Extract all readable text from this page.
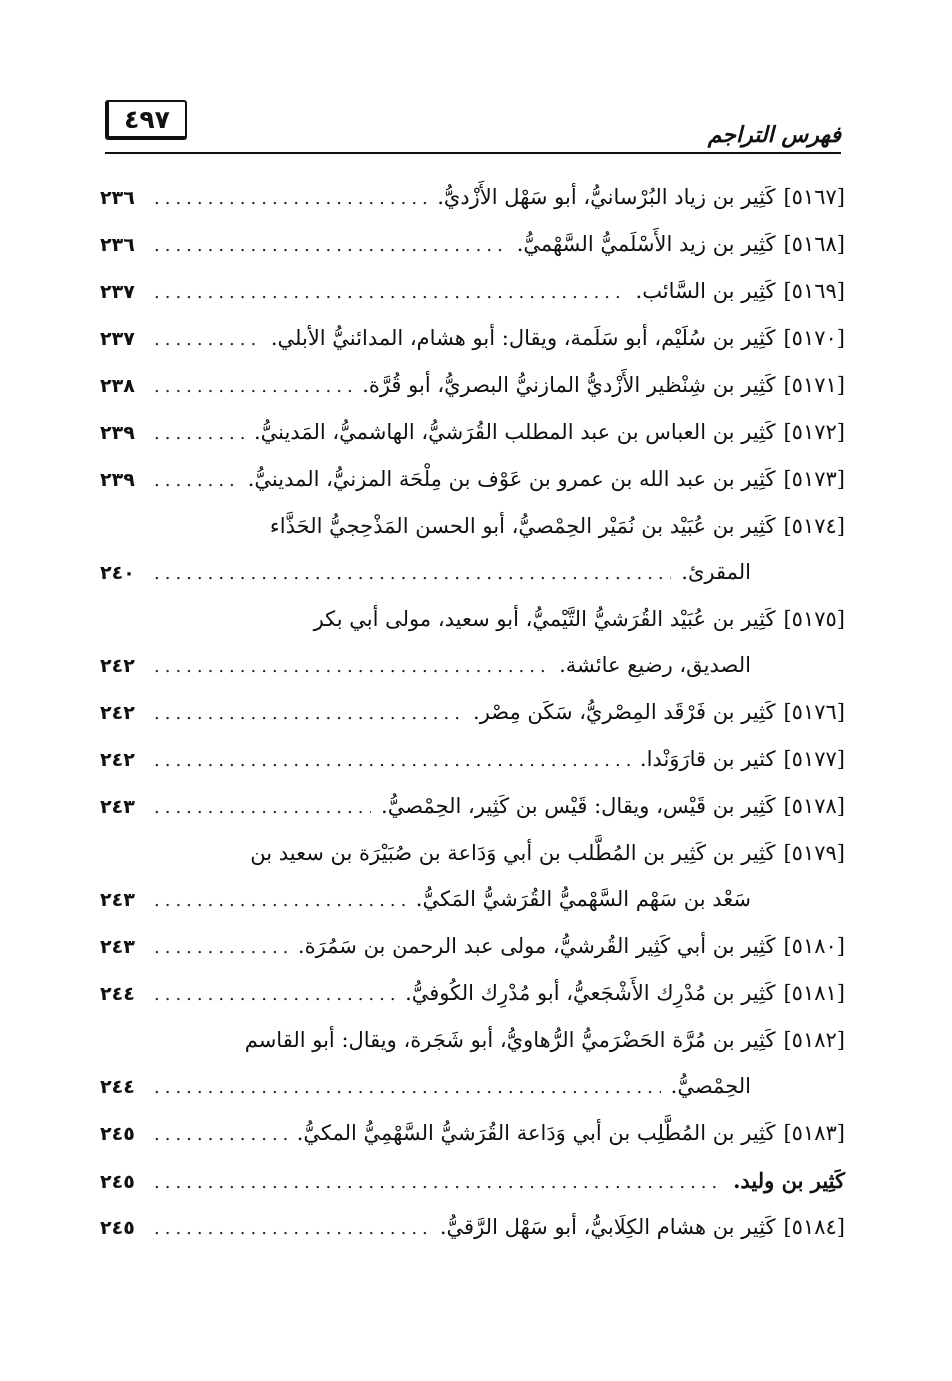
٤٩٧
فهرس التراجم
[٥١٦٧]
كَثِير بن زياد البُرْسانيُّ، أبو سَهْل الأَزْديُّ.
.....
٢٣٦
[٥١٦٨]
كَثِير بن زيد الأَسْلَميُّ السَّهْميُّ.
.....
٢٣٦
[٥١٦٩]
كَثِير بن السَّائب.
.....
٢٣٧
[٥١٧٠]
كَثِير بن سُلَيْم، أبو سَلَمة، ويقال: أبو هشام، المدائنيُّ الأبلي.
.....
٢٣٧
[٥١٧١]
كَثِير بن شِنْظير الأَزْديُّ المازنيُّ البصريُّ، أبو قُرَّة.
.....
٢٣٨
[٥١٧٢]
كَثِير بن العباس بن عبد المطلب القُرَشيُّ، الهاشميُّ، المَدينيُّ.
.....
٢٣٩
[٥١٧٣]
كَثِير بن عبد الله بن عمرو بن عَوْف بن مِلْحَة المزنيُّ، المدينيُّ.
.....
٢٣٩
[٥١٧٤]
كَثِير بن عُبَيْد بن نُمَيْر الحِمْصيُّ، أبو الحسن المَذْحِجيُّ الحَذَّاء
المقرئ.
.....
٢٤٠
[٥١٧٥]
كَثِير بن عُبَيْد القُرَشيُّ التَّيْميُّ، أبو سعيد، مولى أبي بكر
الصديق، رضيع عائشة.
.....
٢٤٢
[٥١٧٦]
كَثِير بن فَرْقَد المِصْريُّ، سَكَن مِصْر.
.....
٢٤٢
[٥١٧٧]
كثير بن قارَوَنْدا.
.....
٢٤٢
[٥١٧٨]
كَثِير بن قَيْس، ويقال: قَيْس بن كَثِير، الحِمْصيُّ.
.....
٢٤٣
[٥١٧٩]
كَثِير بن كَثِير بن المُطَّلب بن أبي وَدَاعة بن صُبَيْرَة بن سعيد بن
سَعْد بن سَهْم السَّهْميُّ القُرَشيُّ المَكيُّ.
.....
٢٤٣
[٥١٨٠]
كَثِير بن أبي كَثِير القُرشيُّ، مولى عبد الرحمن بن سَمُرَة.
.....
٢٤٣
[٥١٨١]
كَثِير بن مُدْرِك الأَشْجَعيُّ، أبو مُدْرِك الكُوفيُّ.
.....
٢٤٤
[٥١٨٢]
كَثِير بن مُرَّة الحَضْرَميُّ الرُّهاويُّ، أبو شَجَرة، ويقال: أبو القاسم
الحِمْصيُّ.
.....
٢٤٤
[٥١٨٣]
كَثِير بن المُطَّلِب بن أبي وَدَاعة القُرَشيُّ السَّهْمِيُّ المكيُّ.
.....
٢٤٥
كَثِير بن وليد.
.....
٢٤٥
[٥١٨٤]
كَثِير بن هشام الكِلَابيُّ، أبو سَهْل الرَّقيُّ.
.....
٢٤٥
